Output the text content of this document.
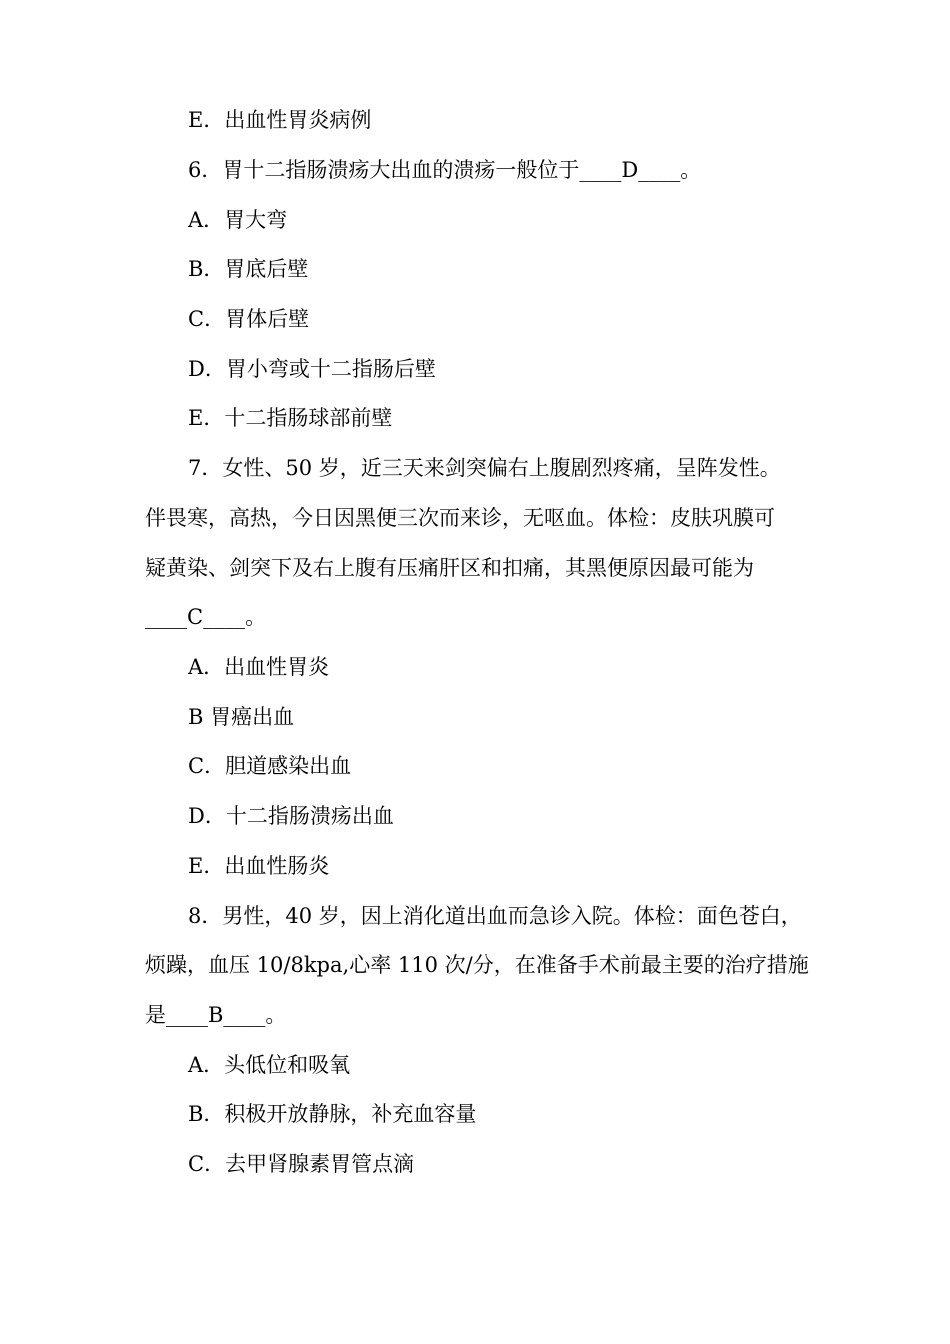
E．出血性胃炎病例
6．胃十二指肠溃疡大出血的溃疡一般位于____D____。
A．胃大弯
B．胃底后壁
C．胃体后壁
D．胃小弯或十二指肠后壁
E．十二指肠球部前壁
7．女性、50 岁，近三天来剑突偏右上腹剧烈疼痛，呈阵发性。
伴畏寒，高热，今日因黑便三次而来诊，无呕血。体检：皮肤巩膜可
疑黄染、剑突下及右上腹有压痛肝区和扣痛，其黑便原因最可能为
____C____。
A．出血性胃炎
B 胃癌出血
C．胆道感染出血
D．十二指肠溃疡出血
E．出血性肠炎
8．男性，40 岁，因上消化道出血而急诊入院。体检：面色苍白，
烦躁，血压 10/8kpa,心率 110 次/分，在准备手术前最主要的治疗措施
是____B____。
A．头低位和吸氧
B．积极开放静脉，补充血容量
C．去甲肾腺素胃管点滴
